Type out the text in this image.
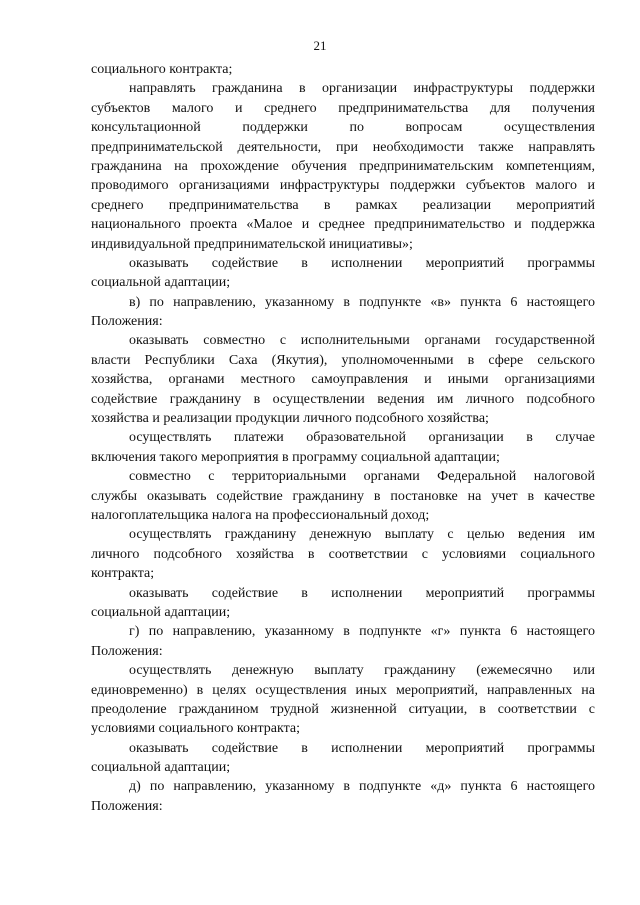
21

социального контракта;

направлять гражданина в организации инфраструктуры поддержки
субъектов малого и среднего предпринимательства для получения
консультационной поддержки по вопросам осуществления
предпринимательской деятельности, при необходимости также направлять
гражданина на прохождение обучения предпринимательским компетенциям,
проводимого организациями инфраструктуры поддержки субъектов малого и
среднего предпринимательства в рамках реализации мероприятий
национального проекта «Малое и среднее предпринимательство и поддержка
индивидуальной предпринимательской инициативы»;

оказывать содействие в исполнении мероприятий программы
социальной адаптации;

в) по направлению, указанному в подпункте «в» пункта 6 настоящего
Положения:

оказывать совместно с исполнительными органами государственной
власти Республики Саха (Якутия), уполномоченными в сфере сельского
хозяйства, органами местного самоуправления и иными организациями
содействие гражданину в осуществлении ведения им личного подсобного
хозяйства и реализации продукции личного подсобного хозяйства;

осуществлять платежи образовательной организации в случае
включения такого мероприятия в программу социальной адаптации;

совместно с территориальными органами Федеральной налоговой
службы оказывать содействие гражданину в постановке на учет в качестве
налогоплательщика налога на профессиональный доход;

осуществлять гражданину денежную выплату с целью ведения им
личного подсобного хозяйства в соответствии с условиями социального
контракта;

оказывать содействие в исполнении мероприятий программы
социальной адаптации;

г) по направлению, указанному в подпункте «г» пункта 6 настоящего
Положения:

осуществлять денежную выплату гражданину (ежемесячно или
единовременно) в целях осуществления иных мероприятий, направленных на
преодоление гражданином трудной жизненной ситуации, в соответствии с
условиями социального контракта;

оказывать содействие в исполнении мероприятий программы
социальной адаптации;

д) по направлению, указанному в подпункте «д» пункта 6 настоящего
Положения:
